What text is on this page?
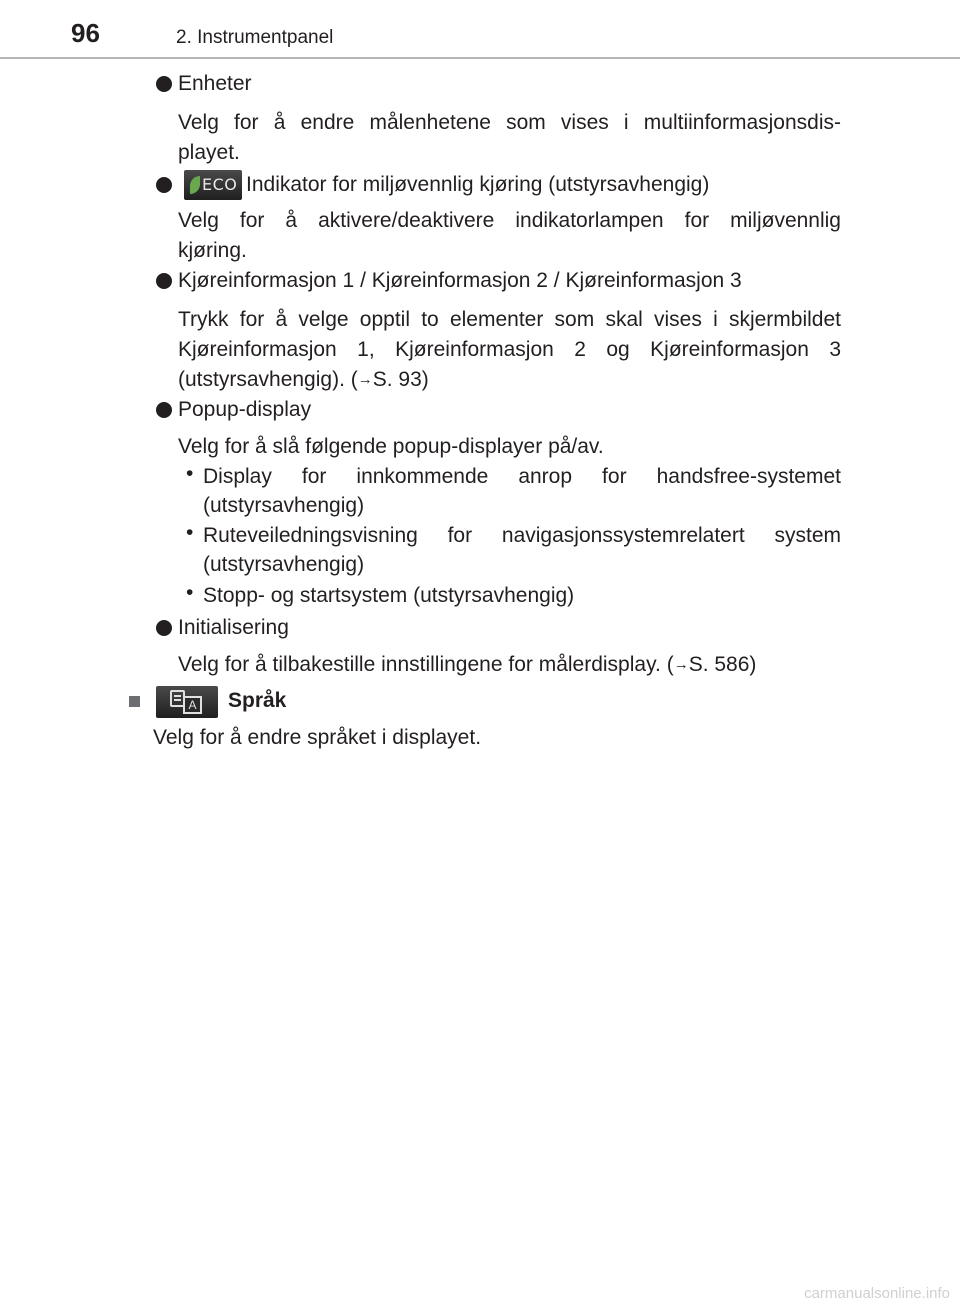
96	2. Instrumentpanel
Enheter
Velg for å endre målenhetene som vises i multiinformasjonsdis-
playet.
ECO Indikator for miljøvennlig kjøring (utstyrsavhengig)
Velg for å aktivere/deaktivere indikatorlampen for miljøvennlig
kjøring.
Kjøreinformasjon 1 / Kjøreinformasjon 2 / Kjøreinformasjon 3
Trykk for å velge opptil to elementer som skal vises i skjermbildet
Kjøreinformasjon 1, Kjøreinformasjon 2 og Kjøreinformasjon 3
(utstyrsavhengig). (→S. 93)
Popup-display
Velg for å slå følgende popup-displayer på/av.
• Display for innkommende anrop for handsfree-systemet
(utstyrsavhengig)
• Ruteveiledningsvisning for navigasjonssystemrelatert system
(utstyrsavhengig)
• Stopp- og startsystem (utstyrsavhengig)
Initialisering
Velg for å tilbakestille innstillingene for målerdisplay. (→S. 586)
A Språk
Velg for å endre språket i displayet.
carmanualsonline.info
